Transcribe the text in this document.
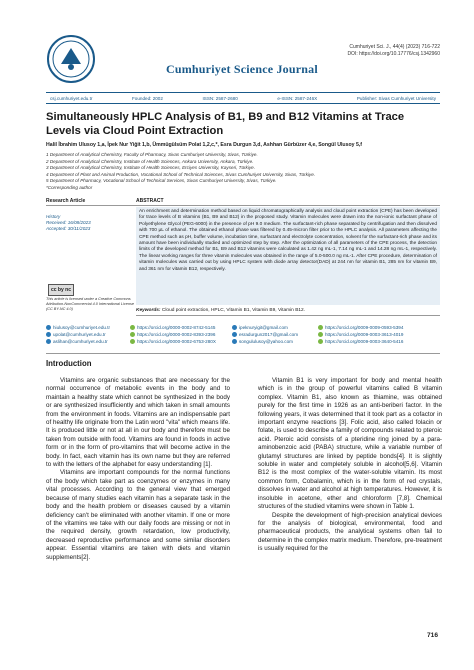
Cumhuriyet Science Journal
Cumhuriyet Sci. J., 44(4) (2023) 716-722
DOI: https://doi.org/10.17776/csj.1342960
csj.cumhuriyet.edu.tr	Founded: 2002	ISSN: 2587-2680	e-ISSN: 2587-246X	Publisher: Sivas Cumhuriyet University
Simultaneously HPLC Analysis of B1, B9 and B12 Vitamins at Trace Levels via Cloud Point Extraction
Halil İbrahim Ulusoy 1,a, İpek Nur Yiğit 1,b, Ümmügülsüm Polat 1,2,c,*, Esra Durgun 3,d, Ashhan Gürbüzer 4,e, Songül Ulusoy 5,f
1 Department of Analytical Chemistry, Faculty of Pharmacy, Sivas Cumhuriyet University, Sivas, Türkiye.
2 Department of Analytical Chemistry, Institute of Health Sciences, Ankara University, Ankara, Türkiye.
3 Department of Analytical Chemistry, Institute of Health Sciences, Erciyes University, Kayseri, Türkiye.
4 Department of Plant and Animal Production, Vocational School of Technical Sciences, Sivas Cumhuriyet University, Sivas, Türkiye.
5 Department of Pharmacy, Vocational School of Technical Services, Sivas Cumhuriyet University, Sivas, Türkiye.
*Corresponding author
Research Article	ABSTRACT
History
Received: 16/08/2023
Accepted: 30/11/2023
cc by nc
This article is licensed under a Creative Commons Attribution-NonCommercial 4.0 International License (CC BY-NC 4.0)
An enrichment and determination method based on liquid chromatographically analysis and cloud point extraction (CPE) has been developed for trace levels of B vitamins (B1, B9 and B12) in the proposed study. Vitamin molecules were drawn into the non-ionic surfactant phase of Polyethylene Glycol (PEG-6000) in the presence of pH 9.0 medium. The surfactant-rich phase separated by centrifugation and then dissolved with 700 µL of ethanol. The obtained ethanol phase was filtered by 0.45-micron filter prior to the HPLC analysis. All parameters affecting the CPE method such as pH, buffer volume, incubation time, surfactant and electrolyte concentration, solvent for the surfactant-rich phase and its amount have been individually studied and optimized step by step. After the optimization of all parameters of the CPE process, the detection limits of the developed method for B1, B9 and B12 vitamins were calculated as 1.42 ng mL-1, 7.14 ng mL-1 and 14.28 ng mL-1, respectively. The linear working ranges for three vitamin molecules was obtained in the range of 5.0-500.0 ng mL-1. After CPE procedure, determination of vitamin molecules was carried out by using HPLC system with diode array detector(DAD) at 244 nm for vitamin B1, 285 nm for vitamin B9, and 361 nm for vitamin B12, respectively.
Keywords: Cloud point extraction, HPLC, Vitamin B1, Vitamin B9, Vitamin B12.
hiulusoy@cumhuriyet.edu.tr	https://orcid.org/0000-0002-8742-5145	ipeknuryigit@gmail.com	https://orcid.org/0009-0009-0593-5394
upolat@cumhuriyet.edu.tr	https://orcid.org/0000-0002-8393-2396	esradurgun2017@gmail.com	https://orcid.org/0009-0003-3613-4019
aslihan@cumhuriyet.edu.tr	https://orcid.org/0000-0002-6753-280X	songululusoy@yahoo.com	https://orcid.org/0009-0003-3640-5416
Introduction

Vitamins are organic substances that are necessary for the normal occurrence of metabolic events in the body and to maintain a healthy state which cannot be synthesized in the body or are synthesized insufficiently and which taken in small amounts from the environment in foods. Vitamins are an indispensable part of healthy life originate from the Latin word "vita" which means life. It is produced little or not at all in our body and therefore must be taken from outside with food. Vitamins are found in foods in active form or in the form of pro-vitamins that will become active in the body. In fact, each vitamin has its own name but they are referred to with the letters of the alphabet for easy understanding [1].

Vitamins are important compounds for the normal functions of the body which take part as coenzymes or enzymes in many vital processes. According to the general view that emerged because of many studies each vitamin has a separate task in the body and the health problem or diseases caused by a vitamin deficiency can't be eliminated with another vitamin. If one or more of the vitamins we take with our daily foods are missing or not in the required density, growth retardation, low productivity, decreased reproductive performance and some similar disorders appear. Essential vitamins are taken with diets and vitamin supplements[2].

Vitamin B1 is very important for body and mental health which is in the group of powerful vitamins called B vitamin complex. Vitamin B1, also known as thiamine, was obtained purely for the first time in 1926 as an anti-beriberi factor. In the following years, it was determined that it took part as a cofactor in important enzyme reactions [3]. Folic acid, also called folacin or folate, is used to describe a family of compounds related to pteroic acid. Pteroic acid consists of a pteridine ring joined by a para-aminobenzoic acid (PABA) structure, while a variable number of glutamyl structures are linked by peptide bonds[4]. It is slightly soluble in water and completely soluble in alcohol[5,6]. Vitamin B12 is the most complex of the water-soluble vitamin. Its most common form, Cobalamin, which is in the form of red crystals, dissolves in water and alcohol at high temperatures. However, it is insoluble in acetone, ether and chloroform [7,8]. Chemical structures of the studied vitamins were shown in Table 1.

Despite the development of high-precision analytical devices for the analysis of biological, environmental, food and pharmaceutical products, the analytical systems often fail to determine in the complex matrix medium. Therefore, pre-treatment is usually required for the

716
